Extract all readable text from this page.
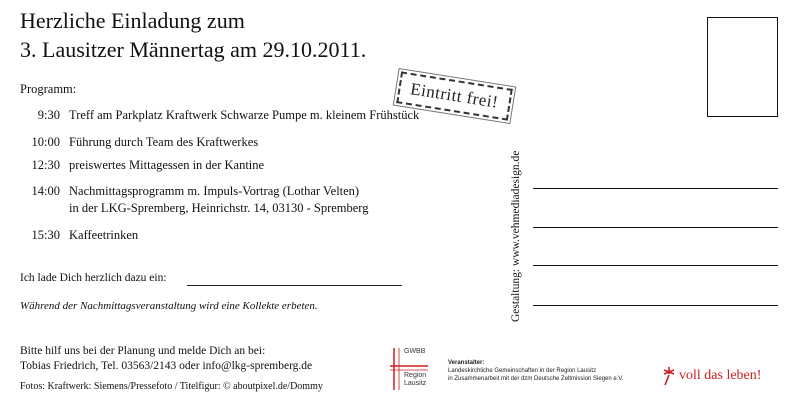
Herzliche Einladung zum
3. Lausitzer Männertag am 29.10.2011.
Programm:
9:30 Treff am Parkplatz Kraftwerk Schwarze Pumpe m. kleinem Frühstück
10:00 Führung durch Team des Kraftwerkes
12:30 preiswertes Mittagessen in der Kantine
14:00 Nachmittagsprogramm m. Impuls-Vortrag (Lothar Velten)
in der LKG-Spremberg, Heinrichstr. 14, 03130 - Spremberg
15:30 Kaffeetrinken
Ich lade Dich herzlich dazu ein:
Während der Nachmittagsveranstaltung wird eine Kollekte erbeten.
Bitte hilf uns bei der Planung und melde Dich an bei:
Tobias Friedrich, Tel. 03563/2143 oder info@lkg-spremberg.de
Fotos: Kraftwerk: Siemens/Pressefoto / Titelfigur: © aboutpixel.de/Dommy
Eintritt frei!
Gestaltung: www.vehmediadesign.de
GWBB
Region
Lausitz
Veranstalter:
Landeskirchliche Gemeinschaften in der Region Lausitz
in Zusammenarbeit mit der dzm Deutsche Zeltmission Siegen e.V.	voll das leben!
